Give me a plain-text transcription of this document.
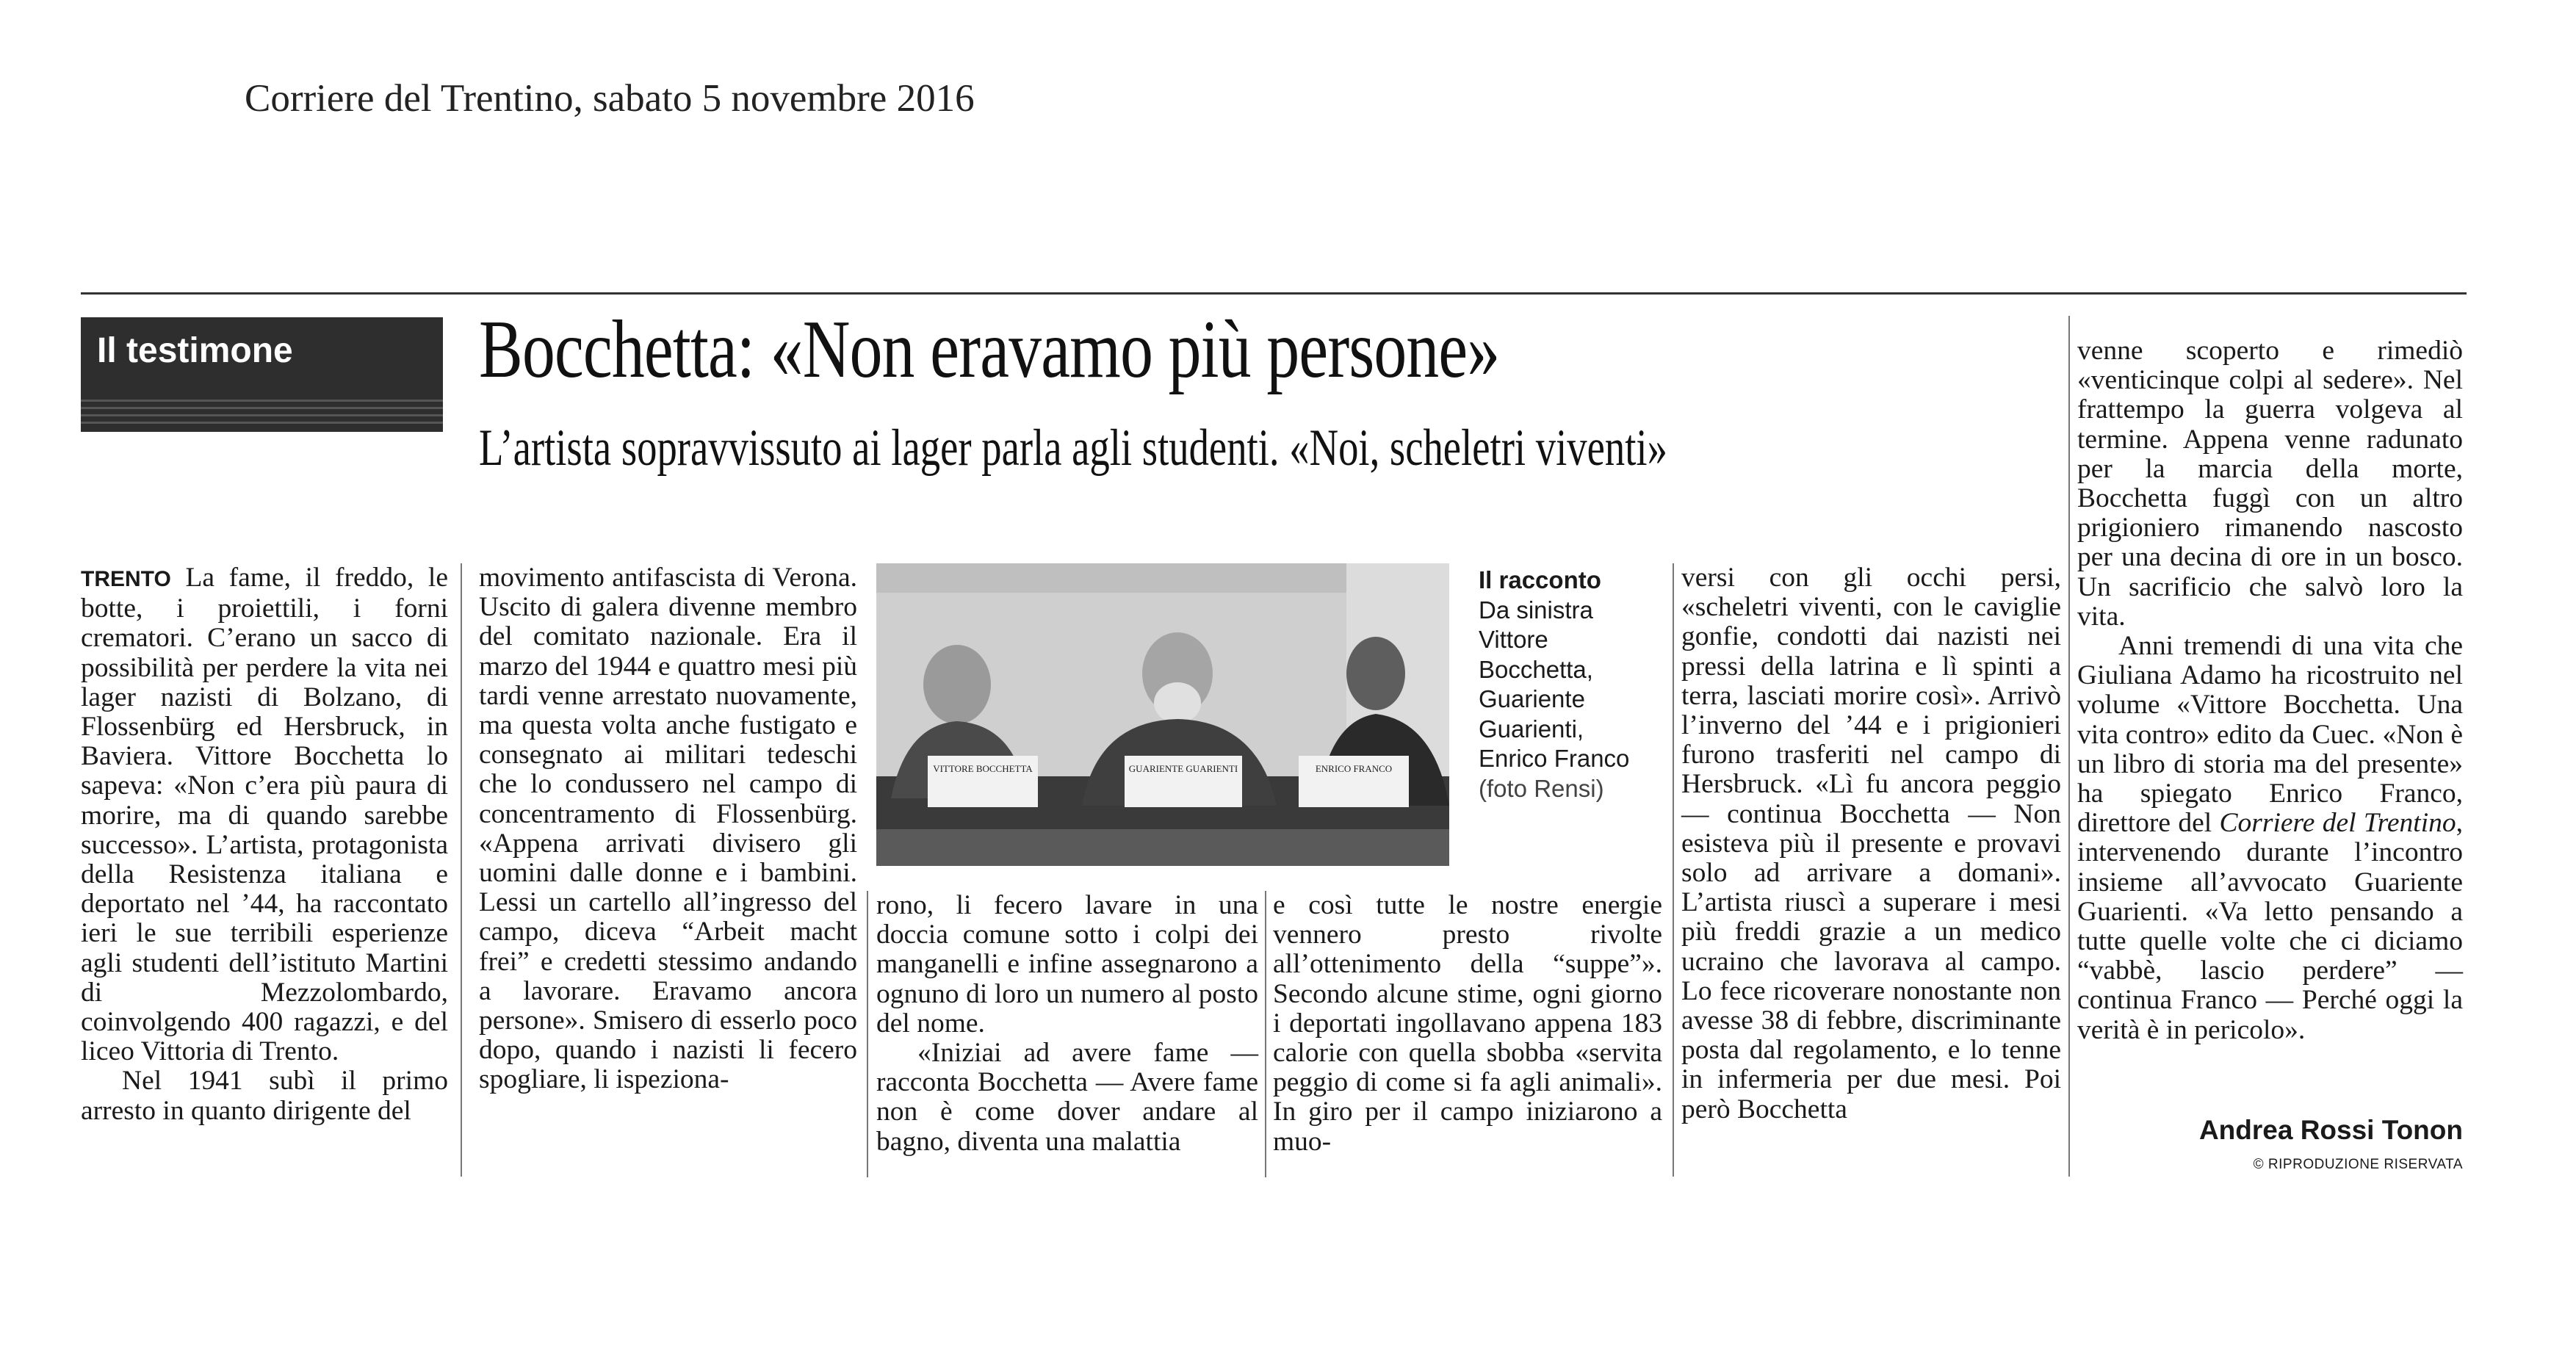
Corriere del Trentino, sabato 5 novembre 2016
Il testimone Bocchetta: «Non eravamo più persone»
L’artista sopravvissuto ai lager parla agli studenti. «Noi, scheletri viventi»

TRENTO La fame, il freddo, le botte, i proiettili, i forni crematori. C’erano un sacco di possibilità per perdere la vita nei lager nazisti di Bolzano, di Flossenbürg ed Hersbruck, in Baviera. Vittore Bocchetta lo sapeva: «Non c’era più paura di morire, ma di quando sarebbe successo». L’artista, protagonista della Resistenza italiana e deportato nel ’44, ha raccontato ieri le sue terribili esperienze agli studenti dell’istituto Martini di Mezzolombardo, coinvolgendo 400 ragazzi, e del liceo Vittoria di Trento.

Nel 1941 subì il primo arresto in quanto dirigente del

movimento antifascista di Verona. Uscito di galera divenne membro del comitato nazionale. Era il marzo del 1944 e quattro mesi più tardi venne arrestato nuovamente, ma questa volta anche fustigato e consegnato ai militari tedeschi che lo condussero nel campo di concentramento di Flossenbürg. «Appena arrivati divisero gli uomini dalle donne e i bambini. Lessi un cartello all’ingresso del campo, diceva “Arbeit macht frei” e credetti stessimo andando a lavorare. Eravamo ancora persone». Smisero di esserlo poco dopo, quando i nazisti li fecero spogliare, li ispeziona-

VITTORE BOCCHETTA	GUARIENTE GUARIENTI	ENRICO FRANCO
Il racconto
Da sinistra
Vittore
Bocchetta,
Guariente
Guarienti,
Enrico Franco
(foto Rensi)

rono, li fecero lavare in una doccia comune sotto i colpi dei manganelli e infine assegnarono a ognuno di loro un numero al posto del nome.

«Iniziai ad avere fame — racconta Bocchetta — Avere fame non è come dover andare al bagno, diventa una malattia

e così tutte le nostre energie vennero presto rivolte all’ottenimento della “suppe”». Secondo alcune stime, ogni giorno i deportati ingollavano appena 183 calorie con quella sbobba «servita peggio di come si fa agli animali». In giro per il campo iniziarono a muo-

versi con gli occhi persi, «scheletri viventi, con le caviglie gonfie, condotti dai nazisti nei pressi della latrina e lì spinti a terra, lasciati morire così». Arrivò l’inverno del ’44 e i prigionieri furono trasferiti nel campo di Hersbruck. «Lì fu ancora peggio — continua Bocchetta — Non esisteva più il presente e provavi solo ad arrivare a domani». L’artista riuscì a superare i mesi più freddi grazie a un medico ucraino che lavorava al campo. Lo fece ricoverare nonostante non avesse 38 di febbre, discriminante posta dal regolamento, e lo tenne in infermeria per due mesi. Poi però Bocchetta

venne scoperto e rimediò «venticinque colpi al sedere». Nel frattempo la guerra volgeva al termine. Appena venne radunato per la marcia della morte, Bocchetta fuggì con un altro prigioniero rimanendo nascosto per una decina di ore in un bosco. Un sacrificio che salvò loro la vita.

Anni tremendi di una vita che Giuliana Adamo ha ricostruito nel volume «Vittore Bocchetta. Una vita contro» edito da Cuec. «Non è un libro di storia ma del presente» ha spiegato Enrico Franco, direttore del Corriere del Trentino, intervenendo durante l’incontro insieme all’avvocato Guariente Guarienti. «Va letto pensando a tutte quelle volte che ci diciamo “vabbè, lascio perdere” — continua Franco — Perché oggi la verità è in pericolo».

Andrea Rossi Tonon
© RIPRODUZIONE RISERVATA
